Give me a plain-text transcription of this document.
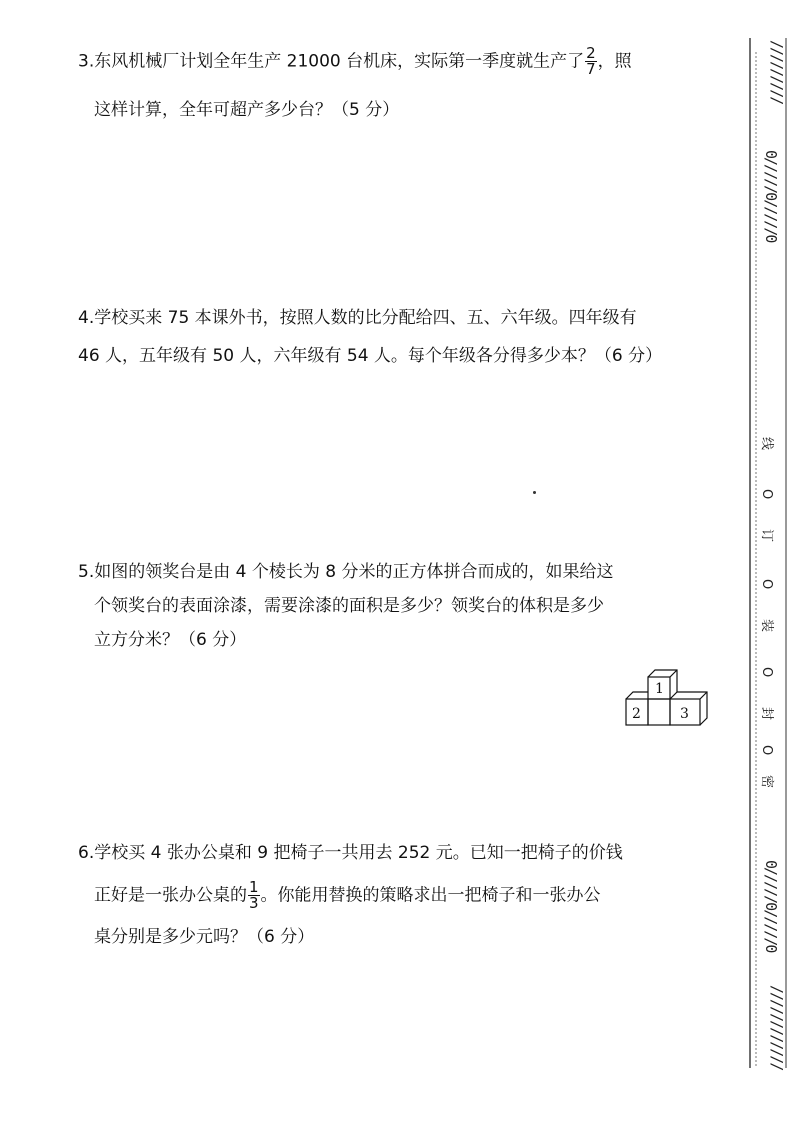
3.东风机械厂计划全年生产 21000 台机床，实际第一季度就生产了 $\frac{2}{7}$ ，照
这样计算，全年可超产多少台？（5 分）
4.学校买来 75 本课外书，按照人数的比分配给四、五、六年级。四年级有
46 人，五年级有 50 人，六年级有 54 人。每个年级各分得多少本？（6 分）
5.如图的领奖台是由 4 个棱长为 8 分米的正方体拼合而成的，如果给这
个领奖台的表面涂漆，需要涂漆的面积是多少？领奖台的体积是多少
立方分米？（6 分）
1
2	3
6.学校买 4 张办公桌和 9 把椅子一共用去 252 元。已知一把椅子的价钱
正好是一张办公桌的 $\frac{1}{3}$ 。你能用替换的策略求出一把椅子和一张办公
桌分别是多少元吗？（6 分）
线
O
订
O
装
O
封
O
密
/////////
0/////0/////0
0/////0/////0
////////////
